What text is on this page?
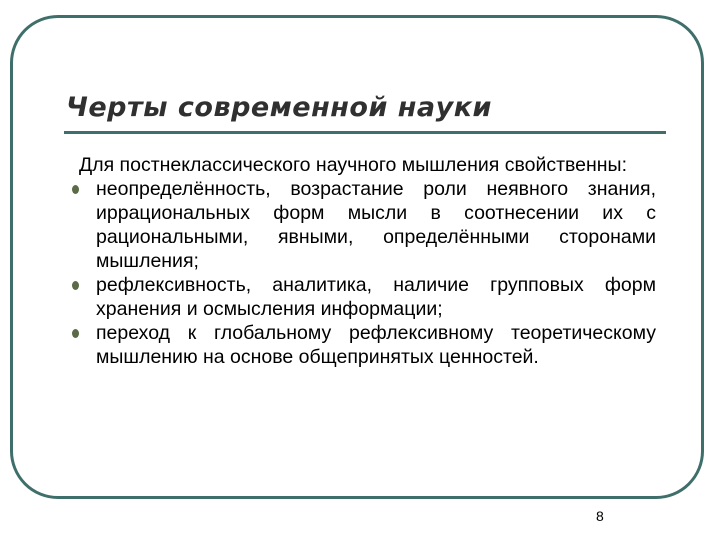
Черты современной науки

Для постнеклассического научного мышления свойственны:

неопределённость, возрастание роли неявного знания, иррациональных форм мысли в соотнесении их с рациональными, явными, определёнными сторонами мышления;
рефлексивность, аналитика, наличие групповых форм хранения и осмысления информации;
переход к глобальному рефлексивному теоретическому мышлению на основе общепринятых ценностей.
8
